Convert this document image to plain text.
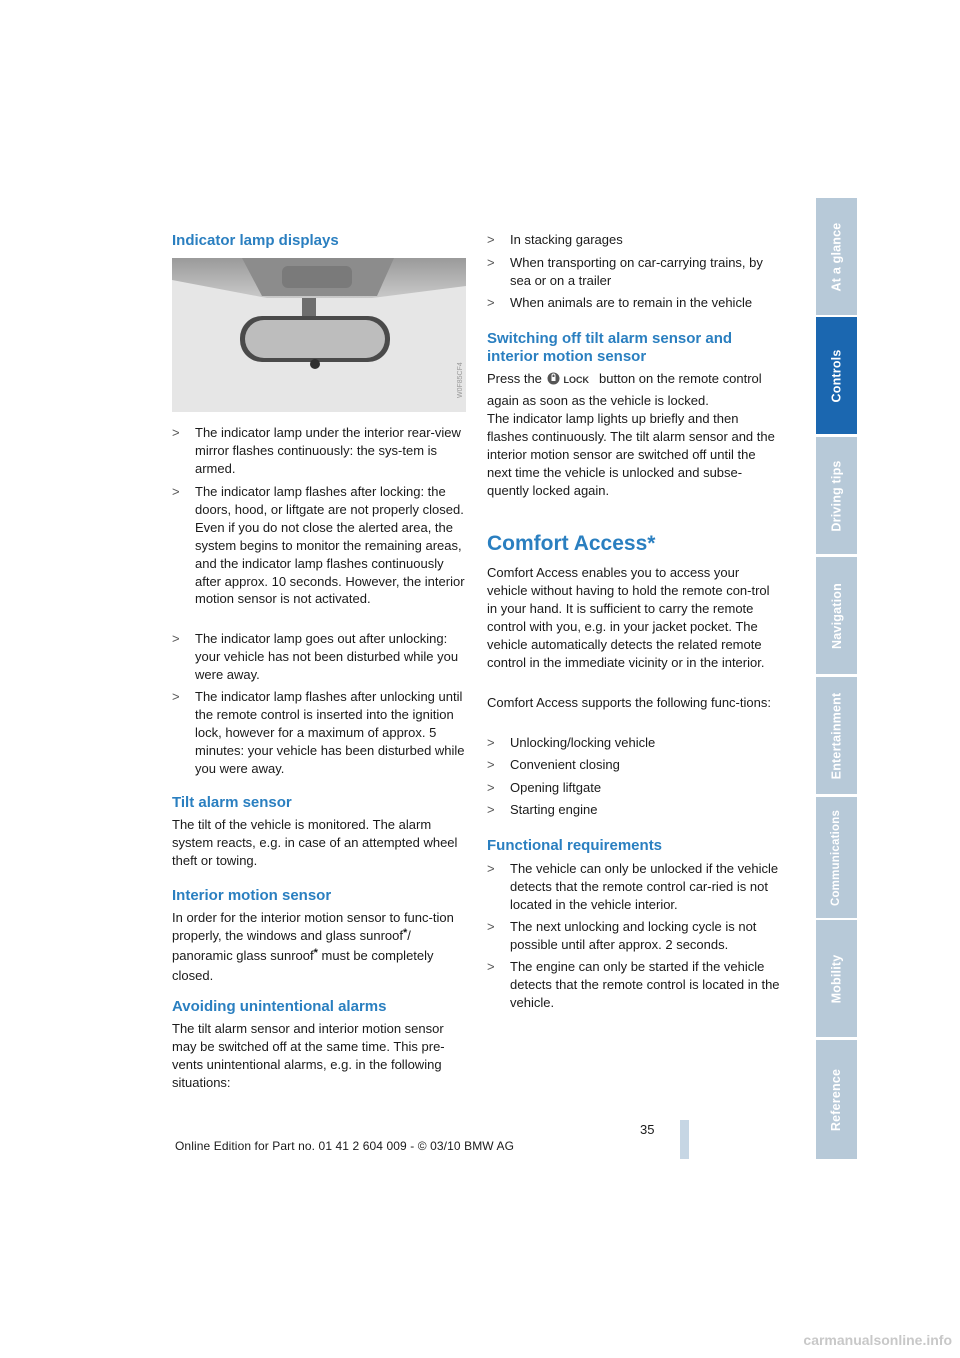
Indicator lamp displays
W0F85CF4
> The indicator lamp under the interior rear-view mirror flashes continuously: the sys-tem is armed.
> The indicator lamp flashes after locking: the doors, hood, or liftgate are not properly closed. Even if you do not close the alerted area, the system begins to monitor the remaining areas, and the indicator lamp flashes continuously after approx. 10 seconds. However, the interior motion sensor is not activated.
> The indicator lamp goes out after unlocking: your vehicle has not been disturbed while you were away.
> The indicator lamp flashes after unlocking until the remote control is inserted into the ignition lock, however for a maximum of approx. 5 minutes: your vehicle has been disturbed while you were away.
Tilt alarm sensor

The tilt of the vehicle is monitored. The alarm system reacts, e.g. in case of an attempted wheel theft or towing.

Interior motion sensor

In order for the interior motion sensor to func-tion properly, the windows and glass sunroof*/ panoramic glass sunroof* must be completely closed.

Avoiding unintentional alarms

The tilt alarm sensor and interior motion sensor may be switched off at the same time. This pre-vents unintentional alarms, e.g. in the following situations:

> In stacking garages
> When transporting on car-carrying trains, by sea or on a trailer
> When animals are to remain in the vehicle
Switching off tilt alarm sensor and interior motion sensor

Press the LOCK button on the remote control again as soon as the vehicle is locked.

The indicator lamp lights up briefly and then flashes continuously. The tilt alarm sensor and the interior motion sensor are switched off until the next time the vehicle is unlocked and subse-quently locked again.

Comfort Access*

Comfort Access enables you to access your vehicle without having to hold the remote con-trol in your hand. It is sufficient to carry the remote control with you, e.g. in your jacket pocket. The vehicle automatically detects the related remote control in the immediate vicinity or in the interior.

Comfort Access supports the following func-tions:

> Unlocking/locking vehicle
> Convenient closing
> Opening liftgate
> Starting engine
Functional requirements
> The vehicle can only be unlocked if the vehicle detects that the remote control car-ried is not located in the vehicle interior.
> The next unlocking and locking cycle is not possible until after approx. 2 seconds.
> The engine can only be started if the vehicle detects that the remote control is located in the vehicle.
At a glance
Controls
Driving tips
Navigation
Entertainment
Communications
Mobility
Reference
35
Online Edition for Part no. 01 41 2 604 009 - © 03/10 BMW AG
carmanualsonline.info
